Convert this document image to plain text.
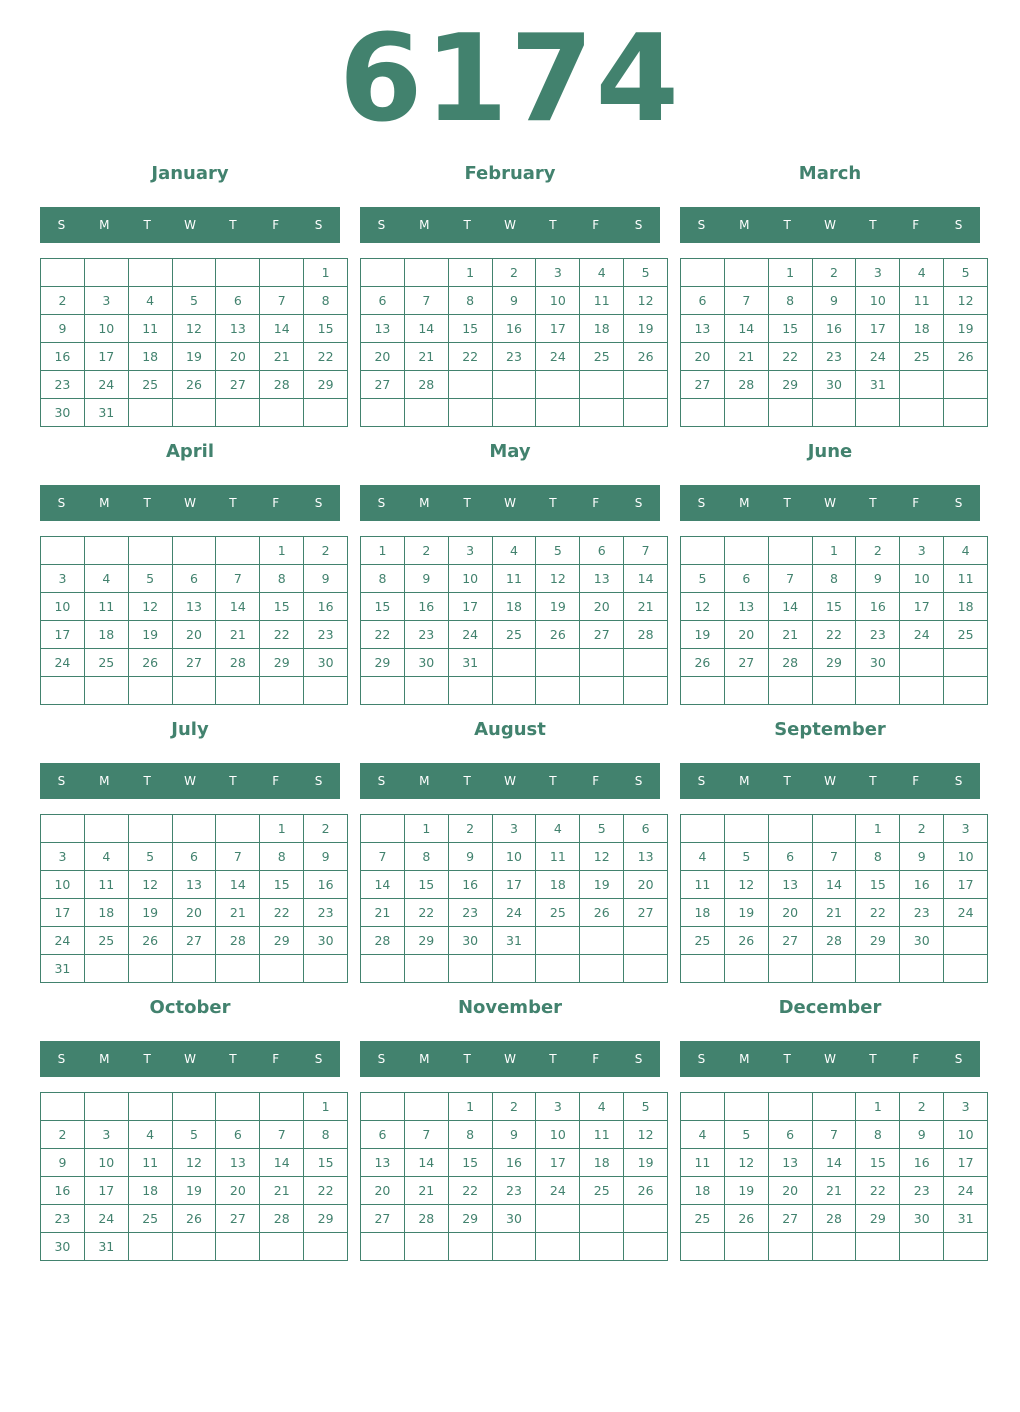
6174
January
S	M	T	W	T	F	S
						1
2	3	4	5	6	7	8
9	10	11	12	13	14	15
16	17	18	19	20	21	22
23	24	25	26	27	28	29
30	31					
February
S	M	T	W	T	F	S
		1	2	3	4	5
6	7	8	9	10	11	12
13	14	15	16	17	18	19
20	21	22	23	24	25	26
27	28					

March
S	M	T	W	T	F	S
		1	2	3	4	5
6	7	8	9	10	11	12
13	14	15	16	17	18	19
20	21	22	23	24	25	26
27	28	29	30	31		

April
S	M	T	W	T	F	S
					1	2
3	4	5	6	7	8	9
10	11	12	13	14	15	16
17	18	19	20	21	22	23
24	25	26	27	28	29	30

May
S	M	T	W	T	F	S
1	2	3	4	5	6	7
8	9	10	11	12	13	14
15	16	17	18	19	20	21
22	23	24	25	26	27	28
29	30	31				

June
S	M	T	W	T	F	S
			1	2	3	4
5	6	7	8	9	10	11
12	13	14	15	16	17	18
19	20	21	22	23	24	25
26	27	28	29	30		

July
S	M	T	W	T	F	S
					1	2
3	4	5	6	7	8	9
10	11	12	13	14	15	16
17	18	19	20	21	22	23
24	25	26	27	28	29	30
31						
August
S	M	T	W	T	F	S
	1	2	3	4	5	6
7	8	9	10	11	12	13
14	15	16	17	18	19	20
21	22	23	24	25	26	27
28	29	30	31			

September
S	M	T	W	T	F	S
				1	2	3
4	5	6	7	8	9	10
11	12	13	14	15	16	17
18	19	20	21	22	23	24
25	26	27	28	29	30	

October
S	M	T	W	T	F	S
						1
2	3	4	5	6	7	8
9	10	11	12	13	14	15
16	17	18	19	20	21	22
23	24	25	26	27	28	29
30	31					
November
S	M	T	W	T	F	S
		1	2	3	4	5
6	7	8	9	10	11	12
13	14	15	16	17	18	19
20	21	22	23	24	25	26
27	28	29	30			

December
S	M	T	W	T	F	S
				1	2	3
4	5	6	7	8	9	10
11	12	13	14	15	16	17
18	19	20	21	22	23	24
25	26	27	28	29	30	31
